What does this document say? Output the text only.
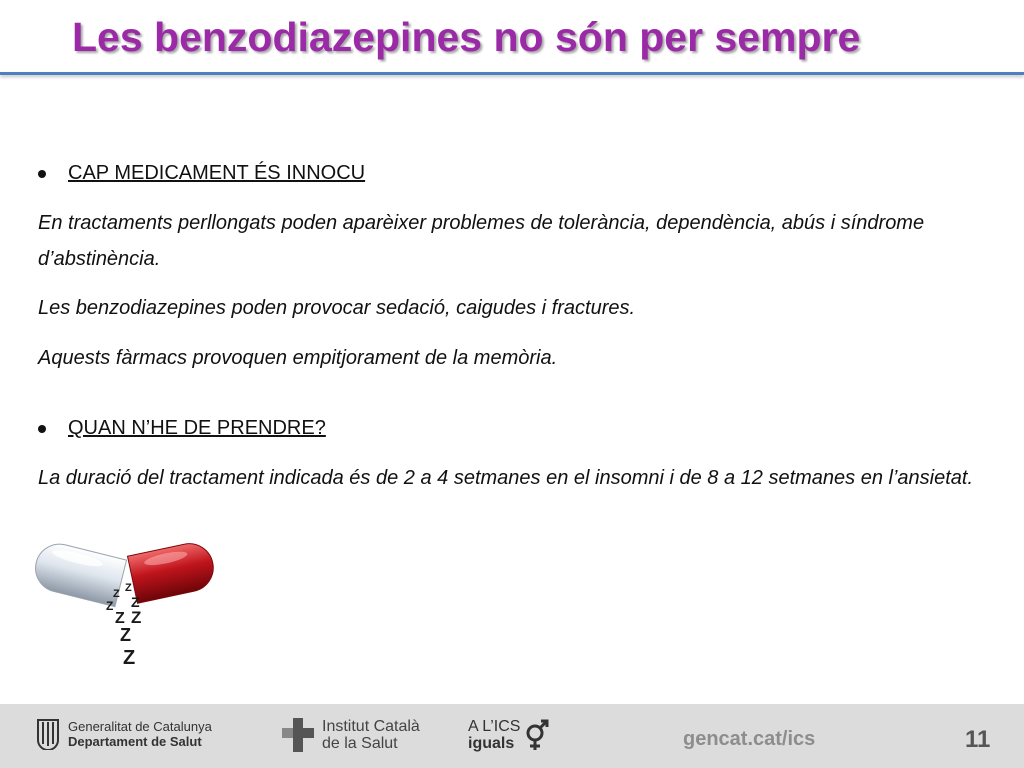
Les benzodiazepines no són per sempre
CAP MEDICAMENT ÉS INNOCU

En tractaments perllongats poden aparèixer problemes de tolerància, dependència, abús i síndrome d’abstinència.

Les benzodiazepines poden provocar sedació, caigudes i fractures.

Aquests fàrmacs provoquen empitjorament de la memòria.

QUAN N’HE DE PRENDRE?

La duració del tractament indicada és de 2 a 4 setmanes en el insomni i de 8 a 12 setmanes en l’ansietat.

Z Z
Z Z
Z Z
Z
Z
Generalitat de Catalunya
Departament de Salut
Institut Català
de la Salut
A L’ICS
iguals	gencat.cat/ics	11
